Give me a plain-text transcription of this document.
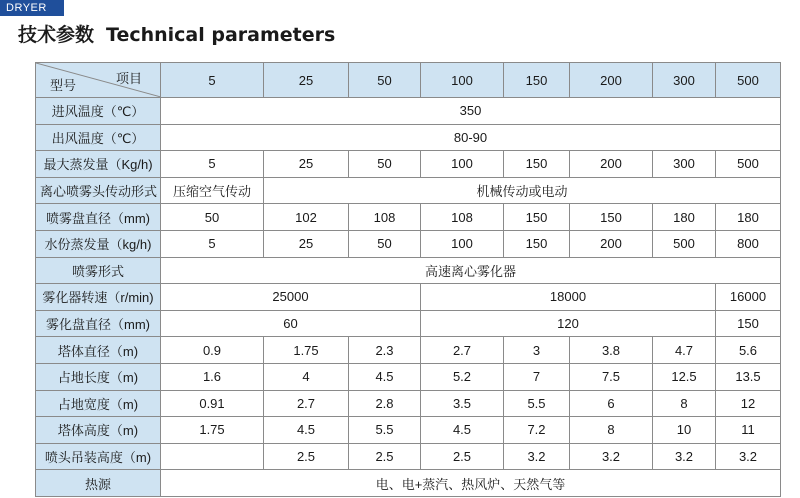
DRYER
技术参数 Technical parameters
项目
型号	5	25	50	100	150	200	300	500
进风温度（℃）	350							
出风温度（℃）	80-90							
最大蒸发量（Kg/h)	5	25	50	100	150	200	300	500
离心喷雾头传动形式	压缩空气传动	机械传动或电动						
喷雾盘直径（mm)	50	102	108	108	150	150	180	180
水份蒸发量（kg/h)	5	25	50	100	150	200	500	800
喷雾形式	高速离心雾化器							
雾化器转速（r/min)	25000			18000				16000
雾化盘直径（mm)	60			120				150
塔体直径（m)	0.9	1.75	2.3	2.7	3	3.8	4.7	5.6
占地长度（m)	1.6	4	4.5	5.2	7	7.5	12.5	13.5
占地宽度（m)	0.91	2.7	2.8	3.5	5.5	6	8	12
塔体高度（m)	1.75	4.5	5.5	4.5	7.2	8	10	11
喷头吊装高度（m)		2.5	2.5	2.5	3.2	3.2	3.2	3.2
热源	电、电+蒸汽、热风炉、天然气等							
